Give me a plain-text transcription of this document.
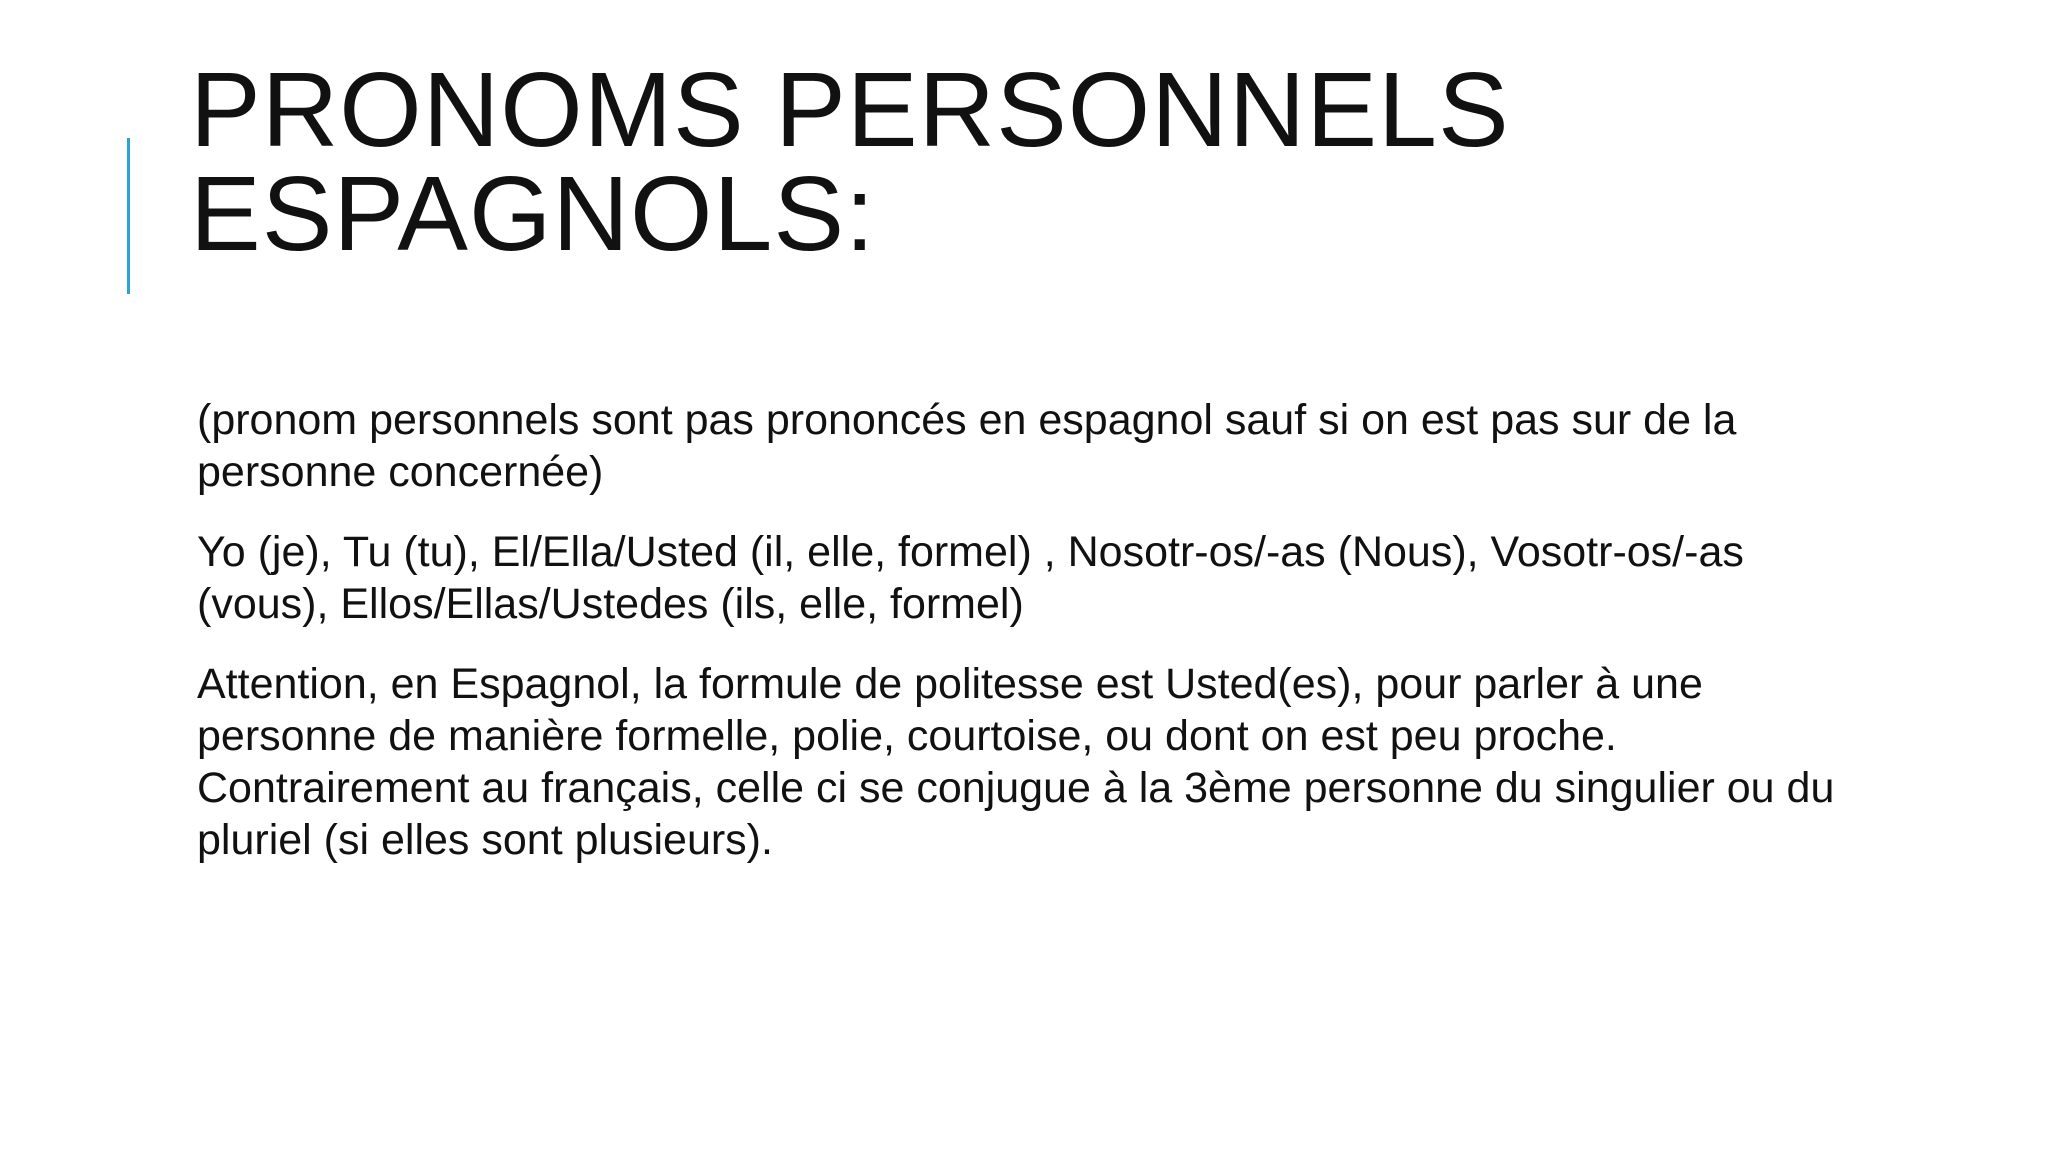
PRONOMS PERSONNELS
ESPAGNOLS:

(pronom personnels sont pas prononcés en espagnol sauf si on est pas sur de la personne concernée)

Yo (je), Tu (tu), El/Ella/Usted (il, elle, formel) , Nosotr-os/-as (Nous), Vosotr-os/-as (vous), Ellos/Ellas/Ustedes (ils, elle, formel)

Attention, en Espagnol, la formule de politesse est Usted(es), pour parler à une personne de manière formelle, polie, courtoise, ou dont on est peu proche. Contrairement au français, celle ci se conjugue à la 3ème personne du singulier ou du pluriel (si elles sont plusieurs).
